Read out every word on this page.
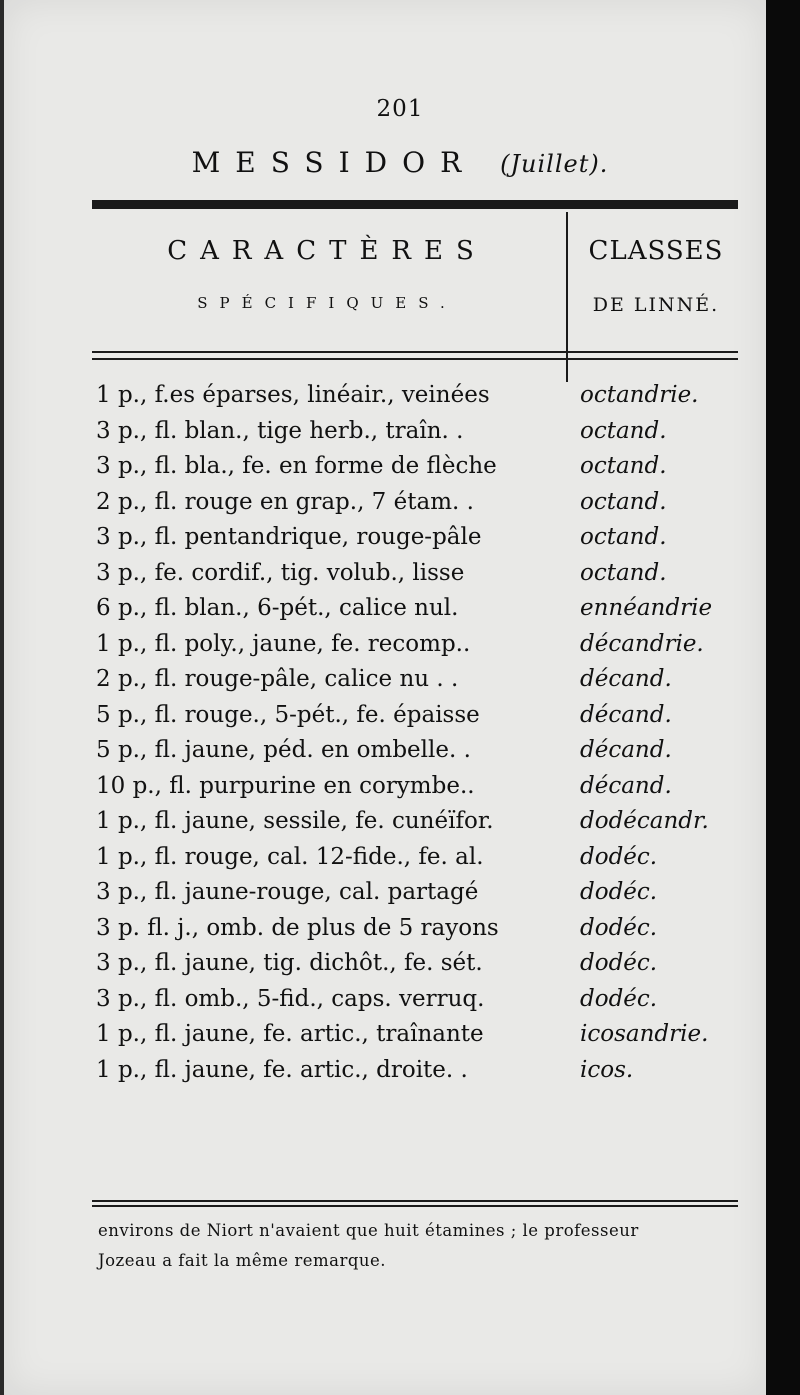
201
MESSIDOR (Juillet).
CARACTÈRES
SPÉCIFIQUES.
CLASSES
DE LINNÉ.
1 p., f.es éparses, linéair., veinées	octandrie.
3 p., fl. blan., tige herb., traîn. .	octand.
3 p., fl. bla., fe. en forme de flèche	octand.
2 p., fl. rouge en grap., 7 étam. .	octand.
3 p., fl. pentandrique, rouge-pâle	octand.
3 p., fe. cordif., tig. volub., lisse	octand.
6 p., fl. blan., 6-pét., calice nul.	ennéandrie
1 p., fl. poly., jaune, fe. recomp..	décandrie.
2 p., fl. rouge-pâle, calice nu . .	décand.
5 p., fl. rouge., 5-pét., fe. épaisse	décand.
5 p., fl. jaune, péd. en ombelle. .	décand.
10 p., fl. purpurine en corymbe..	décand.
1 p., fl. jaune, sessile, fe. cunéïfor.	dodécandr.
1 p., fl. rouge, cal. 12-fide., fe. al.	dodéc.
3 p., fl. jaune-rouge, cal. partagé	dodéc.
3 p. fl. j., omb. de plus de 5 rayons	dodéc.
3 p., fl. jaune, tig. dichôt., fe. sét.	dodéc.
3 p., fl. omb., 5-fid., caps. verruq.	dodéc.
1 p., fl. jaune, fe. artic., traînante	icosandrie.
1 p., fl. jaune, fe. artic., droite. .	icos.
environs de Niort n'avaient que huit étamines ; le professeur
Jozeau a fait la même remarque.
